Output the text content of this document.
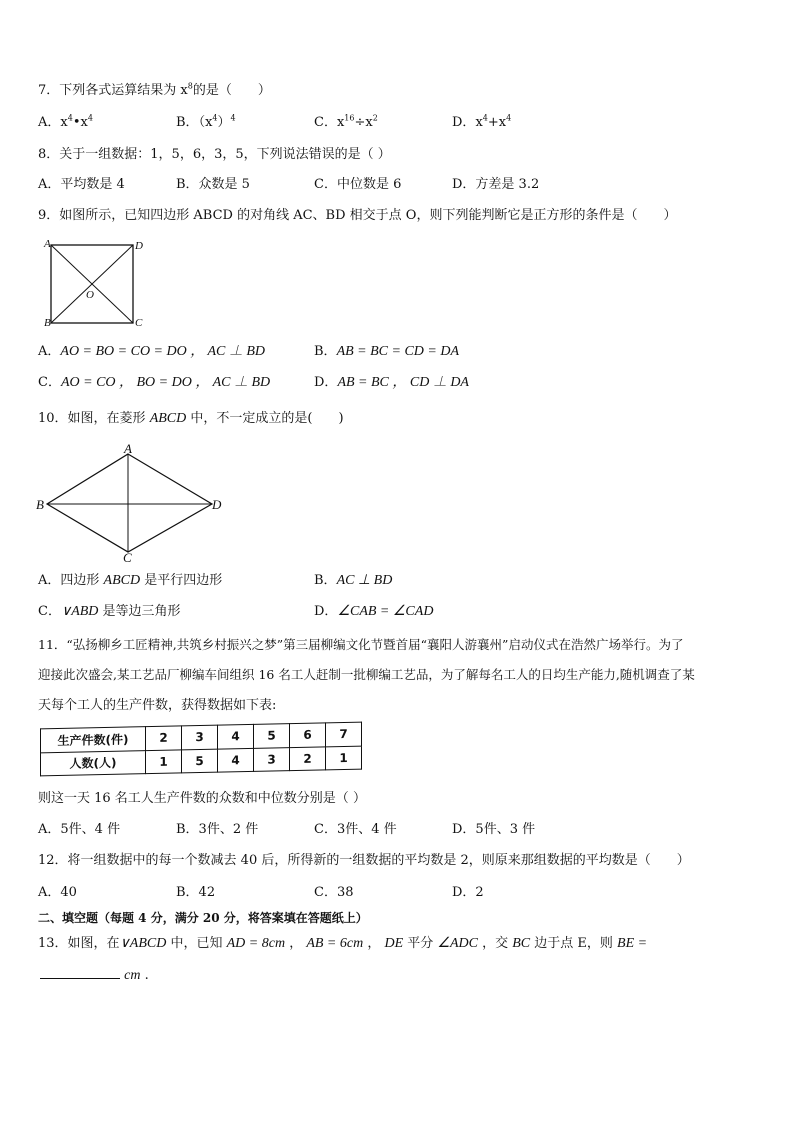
7．下列各式运算结果为 $x^8$的是（　　）
A．$x^4•x^4$	B．$(x^4)^4$	C．$x^{16}\div x^2$	D．$x^4+x^4$
8．关于一组数据：1，5，6，3，5，下列说法错误的是（ ）
A．平均数是 4	B．众数是 5	C．中位数是 6	D．方差是 3.2
9．如图所示，已知四边形 ABCD 的对角线 AC、BD 相交于点 O，则下列能判断它是正方形的条件是（　　）
A	D
B	C
O
A．AO = BO = CO = DO ， AC ⊥ BD	B．AB = BC = CD = DA
C．AO = CO ， BO = DO ， AC ⊥ BD	D．AB = BC ， CD ⊥ DA
10．如图，在菱形 ABCD 中，不一定成立的是(　　)
A
B	D
C
A．四边形 ABCD 是平行四边形	B．AC ⊥ BD
C．∨ABD 是等边三角形	D．∠CAB = ∠CAD
11．“弘扬柳乡工匠精神,共筑乡村振兴之梦”第三届柳编文化节暨首届“襄阳人游襄州”启动仪式在浩然广场举行。为了
迎接此次盛会,某工艺品厂柳编车间组织 16 名工人赶制一批柳编工艺品，为了解每名工人的日均生产能力,随机调查了某
天每个工人的生产件数，获得数据如下表:
生产件数(件)	2	3	4	5	6	7
人数(人)	1	5	4	3	2	1
则这一天 16 名工人生产件数的众数和中位数分别是（ ）
A．5件、4 件	B．3件、2 件	C．3件、4 件	D．5件、3 件
12．将一组数据中的每一个数减去 40 后，所得新的一组数据的平均数是 2，则原来那组数据的平均数是（　　）
A．40	B．42	C．38	D．2
二、填空题（每题 4 分，满分 20 分，将答案填在答题纸上）
13．如图，在∨ABCD 中，已知 AD = 8cm ， AB = 6cm ， DE 平分 ∠ADC ，交 BC 边于点 E，则 BE =
cm .
